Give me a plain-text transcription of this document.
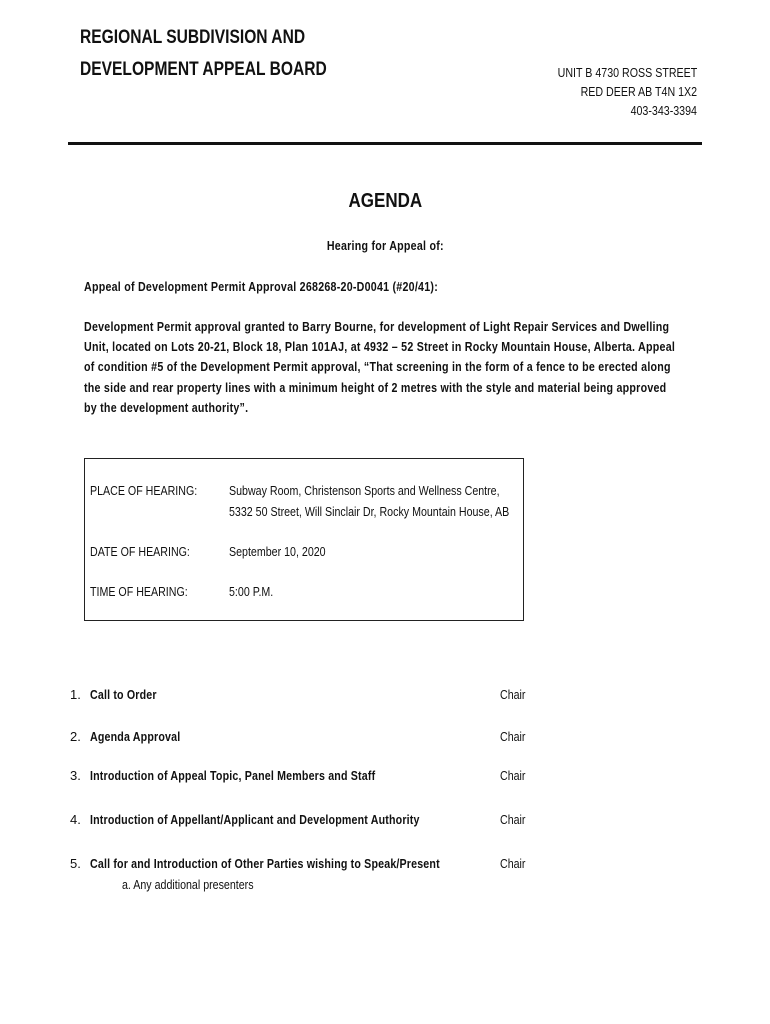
REGIONAL SUBDIVISION AND
DEVELOPMENT APPEAL BOARD	UNIT B 4730 ROSS STREET
RED DEER AB T4N 1X2
403-343-3394
AGENDA
Hearing for Appeal of:
Appeal of Development Permit Approval 268268-20-D0041 (#20/41):
Development Permit approval granted to Barry Bourne, for development of Light Repair Services and Dwelling
Unit, located on Lots 20-21, Block 18, Plan 101AJ, at 4932 – 52 Street in Rocky Mountain House, Alberta. Appeal
of condition #5 of the Development Permit approval, “That screening in the form of a fence to be erected along
the side and rear property lines with a minimum height of 2 metres with the style and material being approved
by the development authority”.
PLACE OF HEARING: Subway Room, Christenson Sports and Wellness Centre,
5332 50 Street, Will Sinclair Dr, Rocky Mountain House, AB
DATE OF HEARING:	September 10, 2020
TIME OF HEARING:	5:00 P.M.
1. Call to Order	Chair
2. Agenda Approval	Chair
3. Introduction of Appeal Topic, Panel Members and Staff	Chair
4. Introduction of Appellant/Applicant and Development Authority	Chair
5. Call for and Introduction of Other Parties wishing to Speak/Present	Chair
a. Any additional presenters
